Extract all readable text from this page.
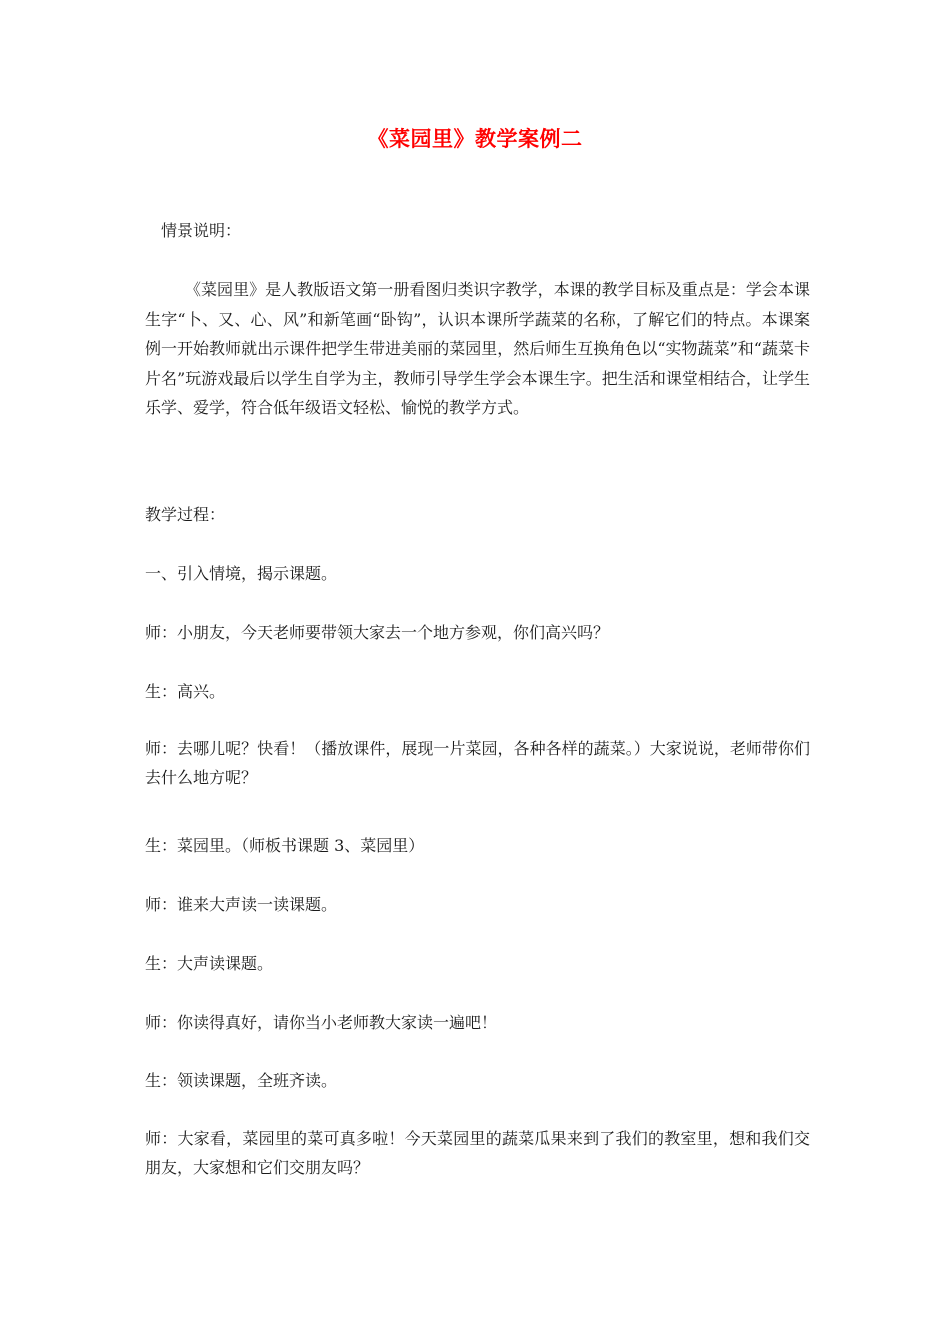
《菜园里》教学案例二
情景说明：
《菜园里》是人教版语文第一册看图归类识字教学，本课的教学目标及重点是：学会本课生字“卜、又、心、风”和新笔画“卧钩”，认识本课所学蔬菜的名称，了解它们的特点。本课案例一开始教师就出示课件把学生带进美丽的菜园里，然后师生互换角色以“实物蔬菜”和“蔬菜卡片名”玩游戏最后以学生自学为主，教师引导学生学会本课生字。把生活和课堂相结合，让学生乐学、爱学，符合低年级语文轻松、愉悦的教学方式。
教学过程：
一、引入情境，揭示课题。
师：小朋友，今天老师要带领大家去一个地方参观，你们高兴吗？
生：高兴。
师：去哪儿呢？快看！（播放课件，展现一片菜园，各种各样的蔬菜。）大家说说，老师带你们去什么地方呢？
生：菜园里。（师板书课题 3、菜园里）
师：谁来大声读一读课题。
生：大声读课题。
师：你读得真好，请你当小老师教大家读一遍吧！
生：领读课题，全班齐读。
师：大家看，菜园里的菜可真多啦！今天菜园里的蔬菜瓜果来到了我们的教室里，想和我们交朋友，大家想和它们交朋友吗？
